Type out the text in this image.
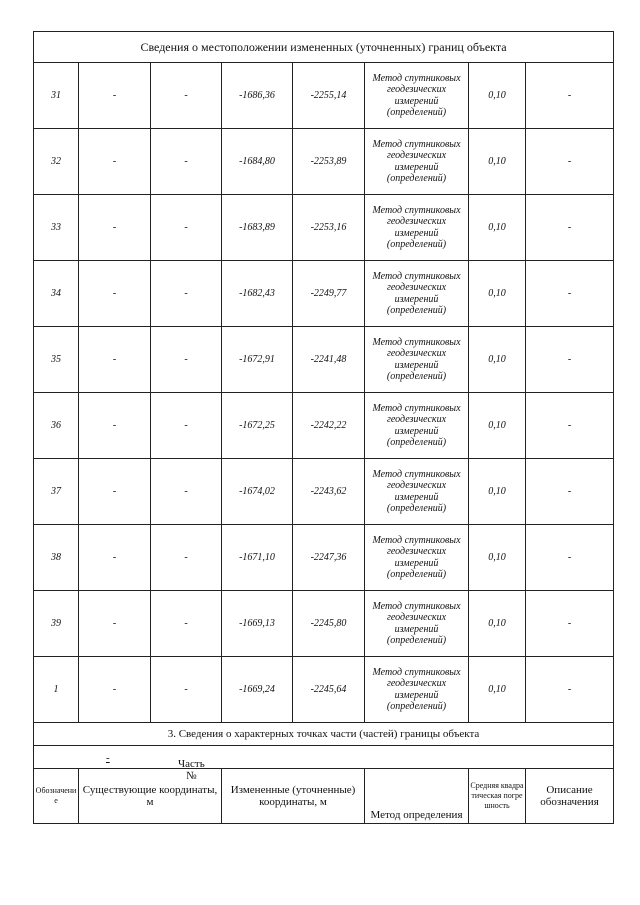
Сведения о местоположении измененных (уточненных) границ объекта							
31	-	-	-1686,36	-2255,14	Метод спутниковых геодезических измерений (определений)	0,10	-
32	-	-	-1684,80	-2253,89	Метод спутниковых геодезических измерений (определений)	0,10	-
33	-	-	-1683,89	-2253,16	Метод спутниковых геодезических измерений (определений)	0,10	-
34	-	-	-1682,43	-2249,77	Метод спутниковых геодезических измерений (определений)	0,10	-
35	-	-	-1672,91	-2241,48	Метод спутниковых геодезических измерений (определений)	0,10	-
36	-	-	-1672,25	-2242,22	Метод спутниковых геодезических измерений (определений)	0,10	-
37	-	-	-1674,02	-2243,62	Метод спутниковых геодезических измерений (определений)	0,10	-
38	-	-	-1671,10	-2247,36	Метод спутниковых геодезических измерений (определений)	0,10	-
39	-	-	-1669,13	-2245,80	Метод спутниковых геодезических измерений (определений)	0,10	-
1	-	-	-1669,24	-2245,64	Метод спутниковых геодезических измерений (определений)	0,10	-
3. Сведения о характерных точках части (частей) границы объекта							

Часть №
-							

Обозначение	Существующие координаты, м		Измененные (уточненные) координаты, м		Метод определения	Средняя квадратическая погрешность	Описание обозначения
